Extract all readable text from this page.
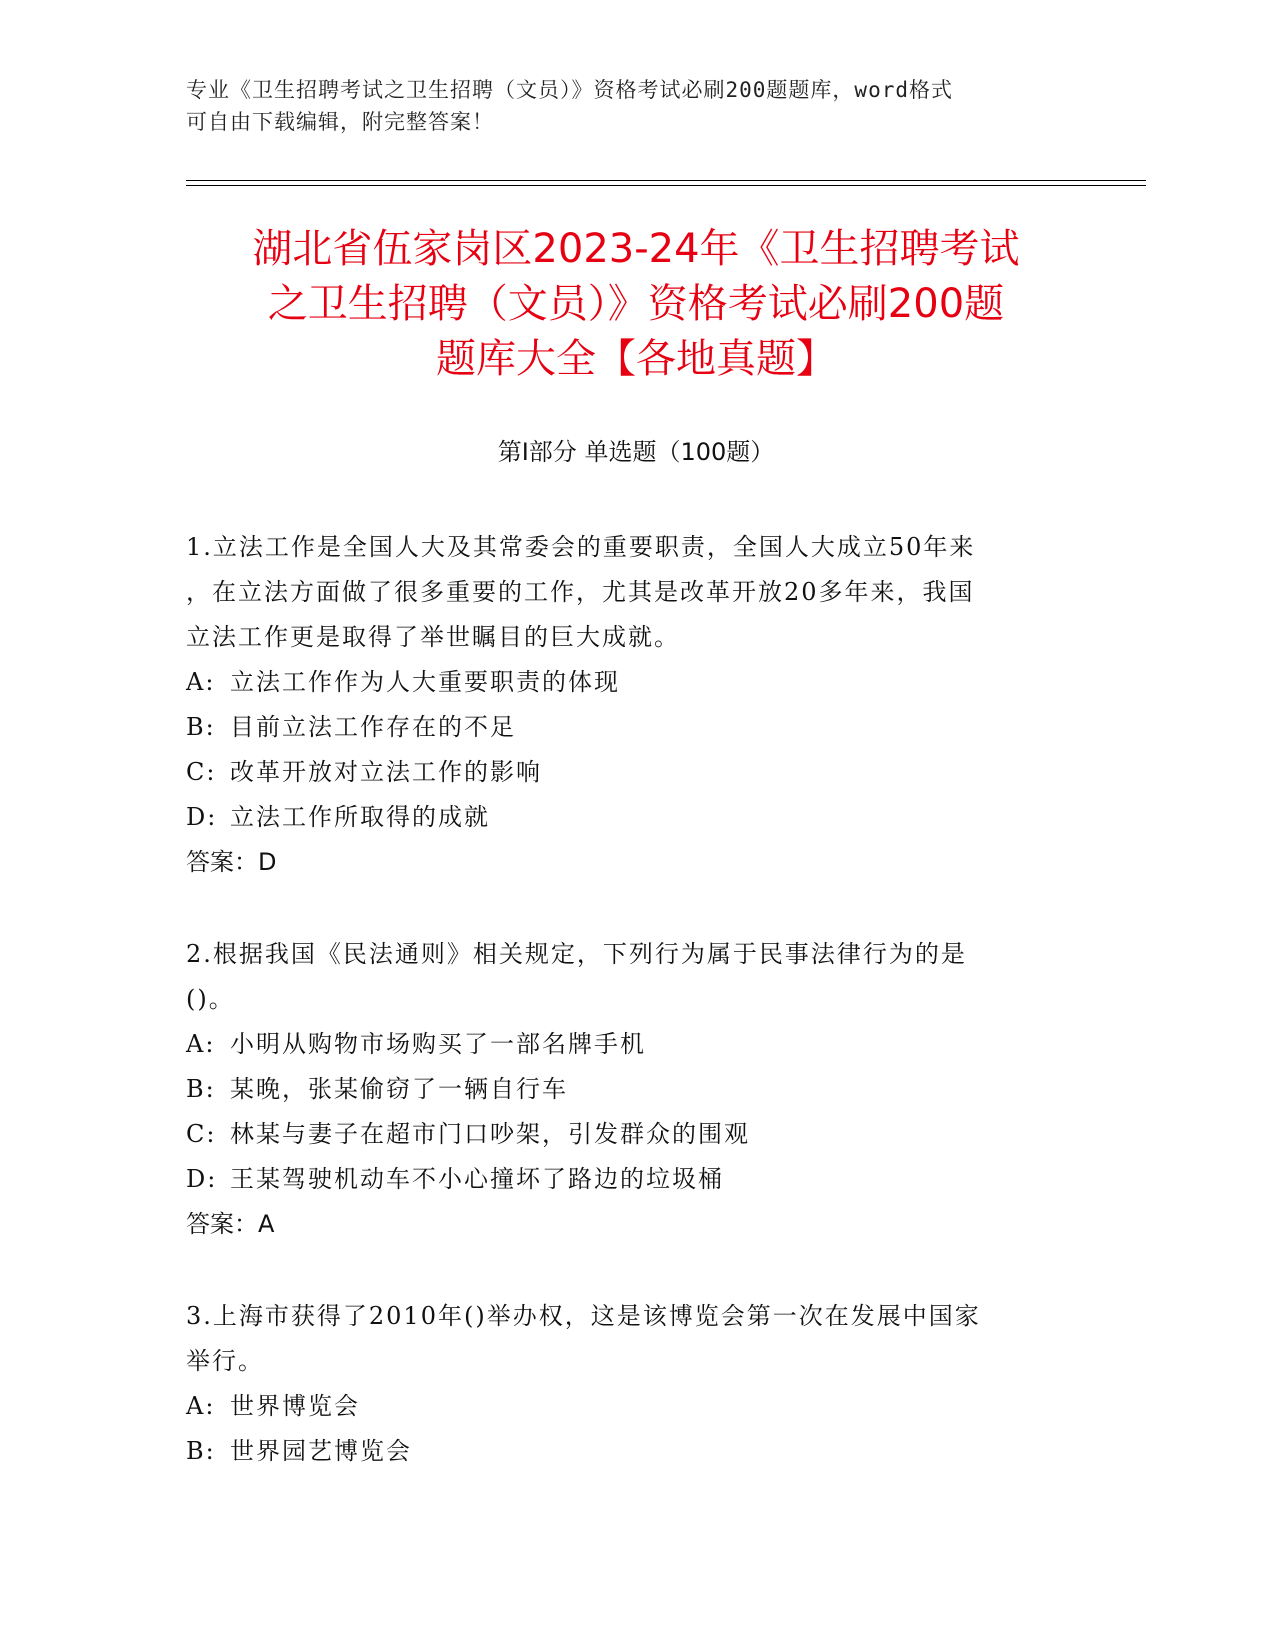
专业《卫生招聘考试之卫生招聘（文员）》资格考试必刷200题题库，word格式
可自由下载编辑，附完整答案！
湖北省伍家岗区2023-24年《卫生招聘考试
之卫生招聘（文员）》资格考试必刷200题
题库大全【各地真题】
第I部分 单选题（100题）

1.立法工作是全国人大及其常委会的重要职责，全国人大成立50年来

，在立法方面做了很多重要的工作，尤其是改革开放20多年来，我国

立法工作更是取得了举世瞩目的巨大成就。

A: 立法工作作为人大重要职责的体现

B: 目前立法工作存在的不足

C: 改革开放对立法工作的影响

D: 立法工作所取得的成就

答案：D

2.根据我国《民法通则》相关规定，下列行为属于民事法律行为的是

()。

A: 小明从购物市场购买了一部名牌手机

B: 某晚，张某偷窃了一辆自行车

C: 林某与妻子在超市门口吵架，引发群众的围观

D: 王某驾驶机动车不小心撞坏了路边的垃圾桶

答案：A

3.上海市获得了2010年()举办权，这是该博览会第一次在发展中国家

举行。

A: 世界博览会

B: 世界园艺博览会
